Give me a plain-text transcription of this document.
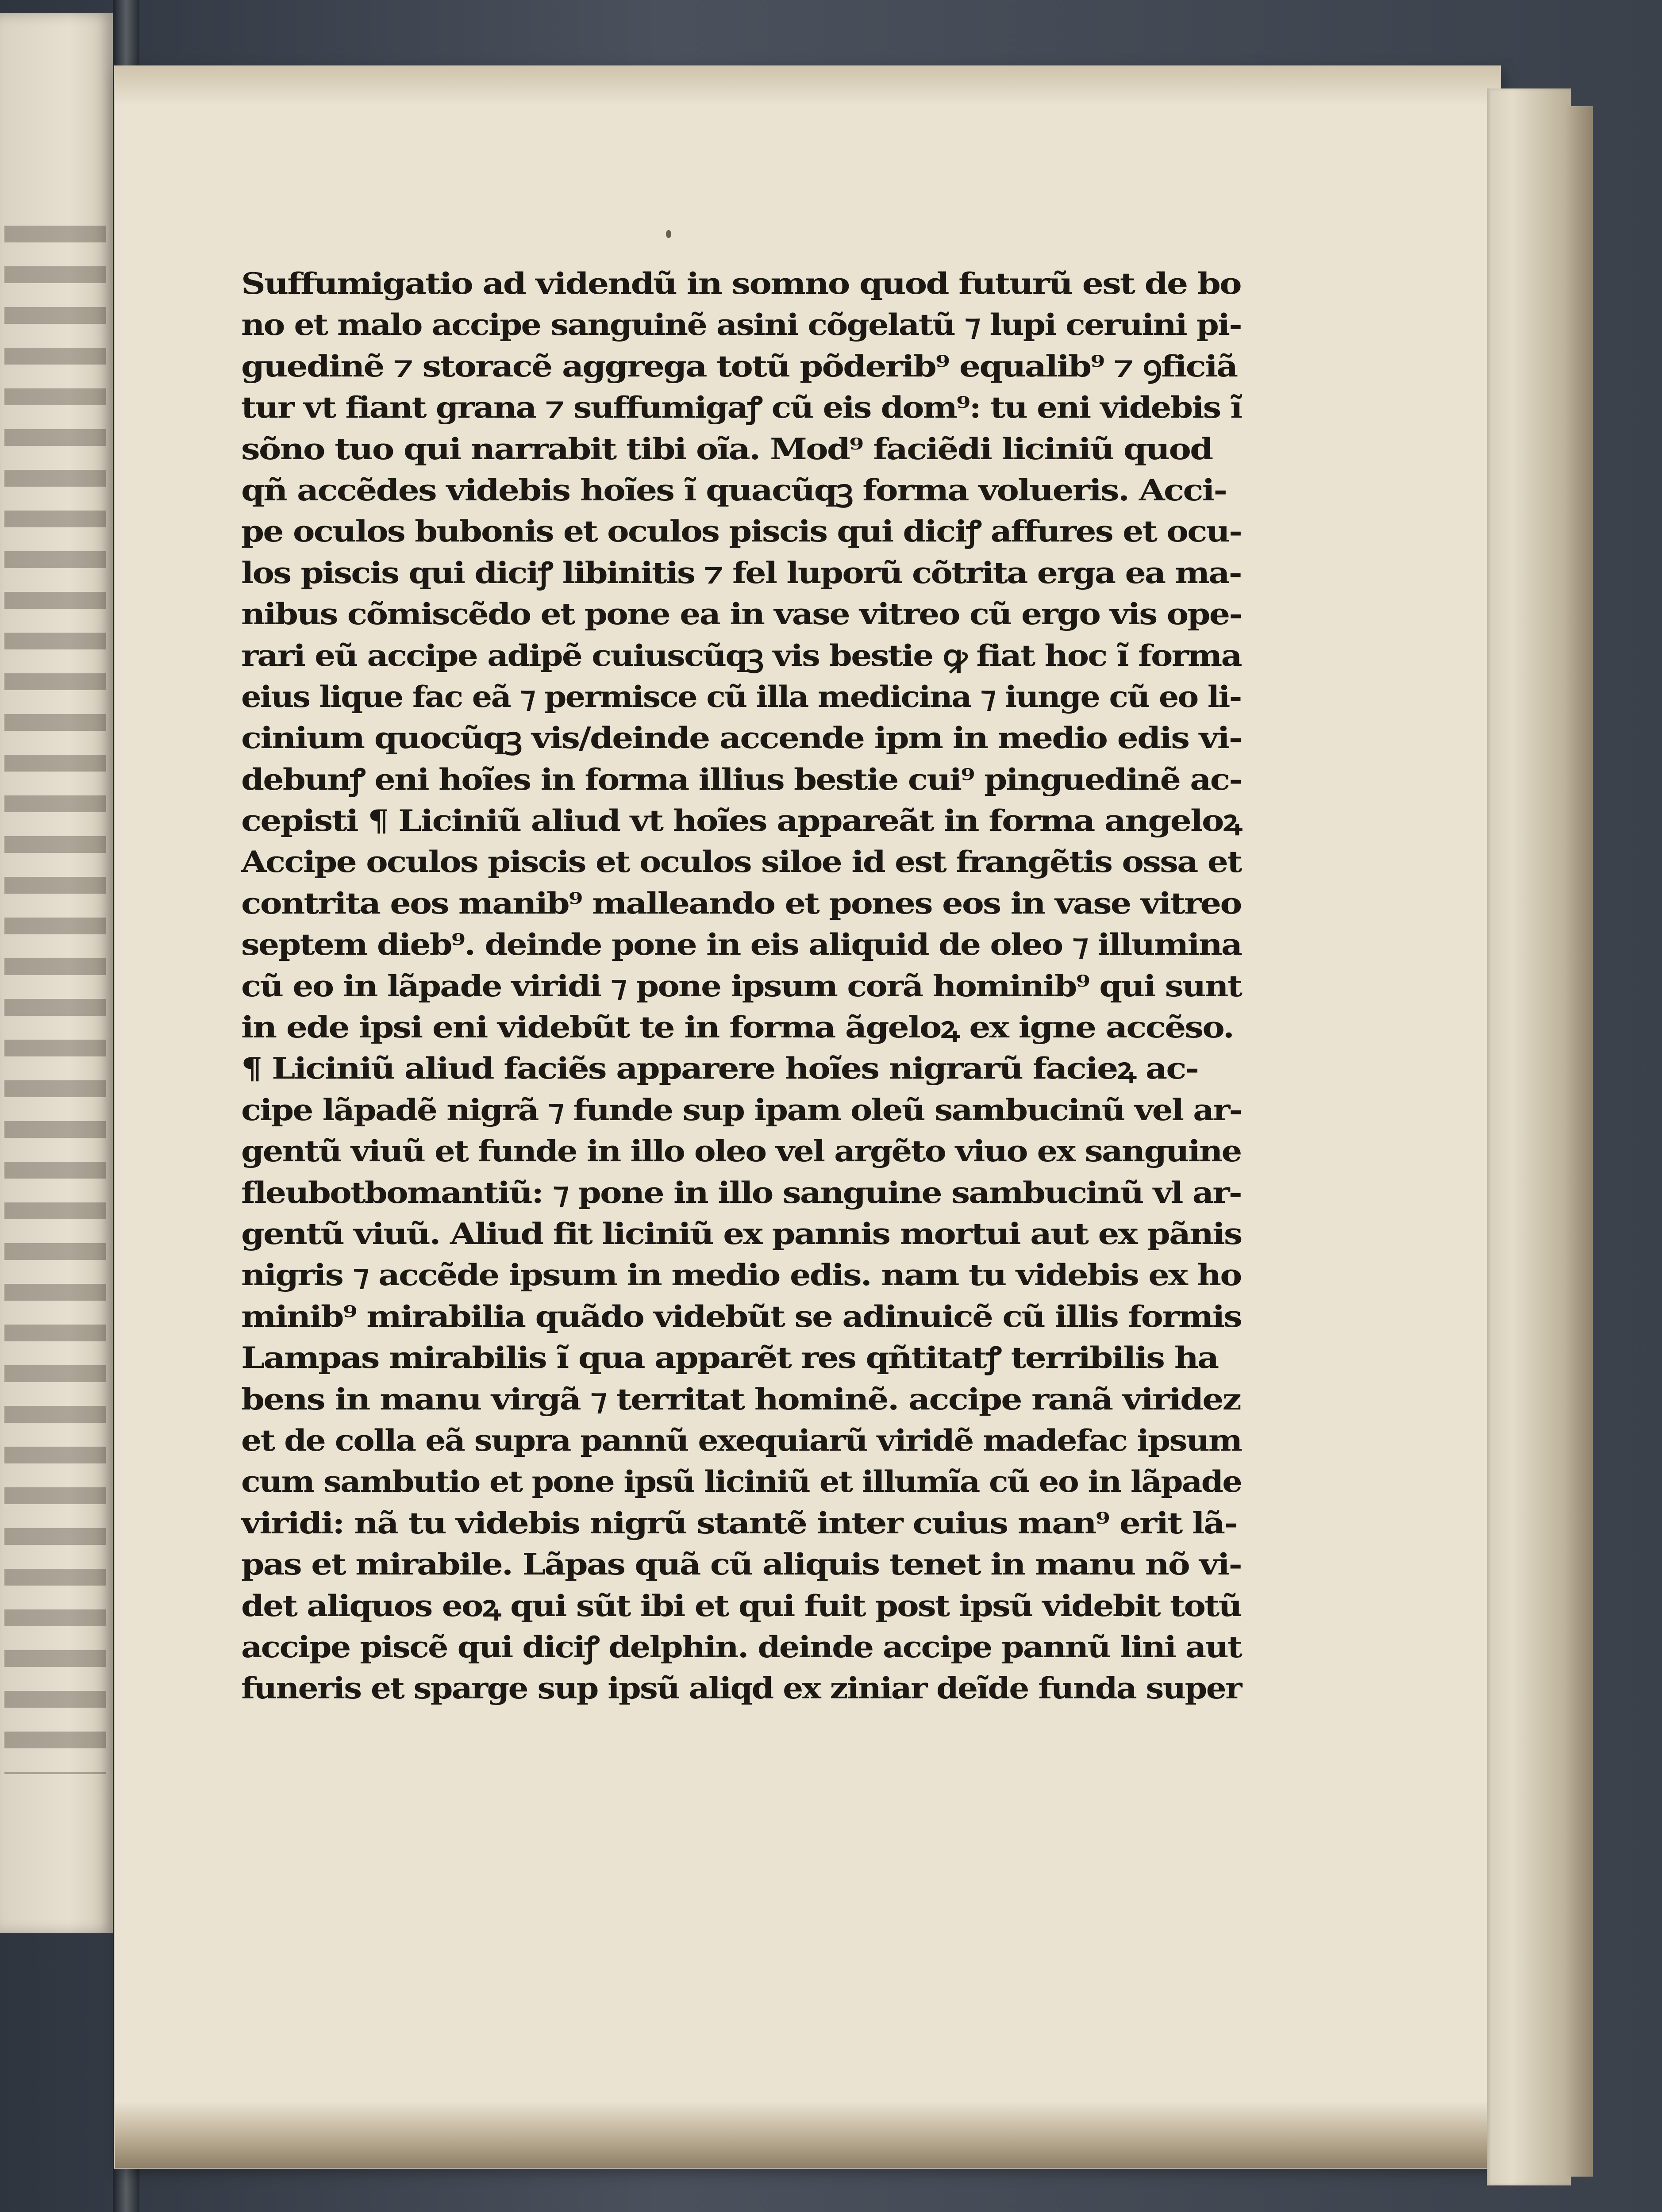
Suffumigatio ad videndũ in somno quod futurũ est de bo
no et malo accipe sanguinẽ asini cõgelatũ ⁊ lupi ceruini pi-
guedinẽ ⁊ storacẽ aggrega totũ põderib⁹ equalib⁹ ⁊ ꝯficiã
tur vt fiant grana ⁊ suffumigaꝭ cũ eis dom⁹: tu eni videbis ĩ
sõno tuo qui narrabit tibi oĩa. Mod⁹ faciẽdi liciniũ quod
qñ accẽdes videbis hoĩes ĩ quacũqꝫ forma volueris. Acci-
pe oculos bubonis et oculos piscis qui diciꝭ affures et ocu-
los piscis qui diciꝭ libinitis ⁊ fel luporũ cõtrita erga ea ma-
nibus cõmiscẽdo et pone ea in vase vitreo cũ ergo vis ope-
rari eũ accipe adipẽ cuiuscũqꝫ vis bestie ꝙ fiat hoc ĩ forma
eius lique fac eã ⁊ permisce cũ illa medicina ⁊ iunge cũ eo li-
cinium quocũqꝫ vis/deinde accende ipm in medio edis vi-
debunꝭ eni hoĩes in forma illius bestie cui⁹ pinguedinẽ ac-
cepisti ¶ Liciniũ aliud vt hoĩes appareãt in forma angeloꝝ
Accipe oculos piscis et oculos siloe id est frangẽtis ossa et
contrita eos manib⁹ malleando et pones eos in vase vitreo
septem dieb⁹. deinde pone in eis aliquid de oleo ⁊ illumina
cũ eo in lãpade viridi ⁊ pone ipsum corã hominib⁹ qui sunt
in ede ipsi eni videbũt te in forma ãgeloꝝ ex igne accẽso.
¶ Liciniũ aliud faciẽs apparere hoĩes nigrarũ facieꝝ ac-
cipe lãpadẽ nigrã ⁊ funde sup ipam oleũ sambucinũ vel ar-
gentũ viuũ et funde in illo oleo vel argẽto viuo ex sanguine
fleubotbomantiũ: ⁊ pone in illo sanguine sambucinũ vl ar-
gentũ viuũ. Aliud fit liciniũ ex pannis mortui aut ex pãnis
nigris ⁊ accẽde ipsum in medio edis. nam tu videbis ex ho
minib⁹ mirabilia quãdo videbũt se adinuicẽ cũ illis formis
Lampas mirabilis ĩ qua apparẽt res qñtitatꝭ terribilis ha
bens in manu virgã ⁊ territat hominẽ. accipe ranã viridez
et de colla eã supra pannũ exequiarũ viridẽ madefac ipsum
cum sambutio et pone ipsũ liciniũ et illumĩa cũ eo in lãpade
viridi: nã tu videbis nigrũ stantẽ inter cuius man⁹ erit lã-
pas et mirabile. Lãpas quã cũ aliquis tenet in manu nõ vi-
det aliquos eoꝝ qui sũt ibi et qui fuit post ipsũ videbit totũ
accipe piscẽ qui diciꝭ delphin. deinde accipe pannũ lini aut
funeris et sparge sup ipsũ aliqd ex ziniar deĩde funda super
